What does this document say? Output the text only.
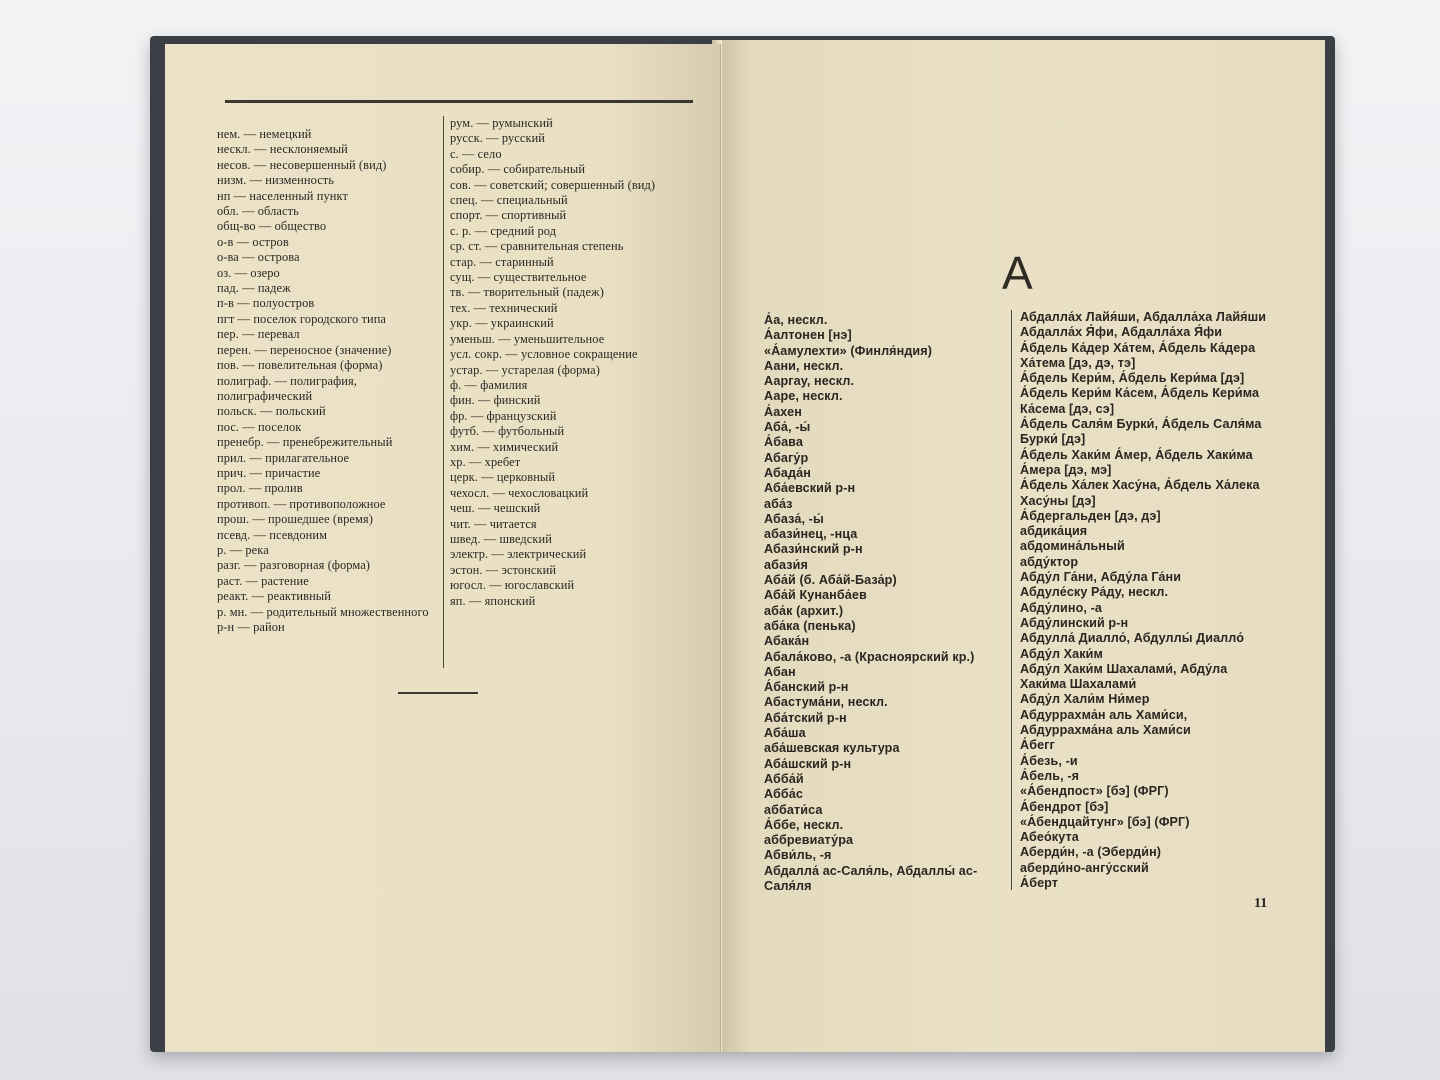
нем. — немецкий
нескл. — несклоняемый
несов. — несовершенный (вид)
низм. — низменность
нп — населенный пункт
обл. — область
общ-во — общество
о-в — остров
о-ва — острова
оз. — озеро
пад. — падеж
п-в — полуостров
пгт — поселок городского типа
пер. — перевал
перен. — переносное (значение)
пов. — повелительная (форма)
полиграф. — полиграфия, полиграфический
польск. — польский
пос. — поселок
пренебр. — пренебрежительный
прил. — прилагательное
прич. — причастие
прол. — пролив
противоп. — противоположное
прош. — прошедшее (время)
псевд. — псевдоним
р. — река
разг. — разговорная (форма)
раст. — растение
реакт. — реактивный
р. мн. — родительный множественного
р-н — район
рум. — румынский
русск. — русский
с. — село
собир. — собирательный
сов. — советский; совершенный (вид)
спец. — специальный
спорт. — спортивный
с. р. — средний род
ср. ст. — сравнительная степень
стар. — старинный
сущ. — существительное
тв. — творительный (падеж)
тех. — технический
укр. — украинский
уменьш. — уменьшительное
усл. сокр. — условное сокращение
устар. — устарелая (форма)
ф. — фамилия
фин. — финский
фр. — французский
футб. — футбольный
хим. — химический
хр. — хребет
церк. — церковный
чехосл. — чехословацкий
чеш. — чешский
чит. — читается
швед. — шведский
электр. — электрический
эстон. — эстонский
югосл. — югославский
яп. — японский
А
А́а, нескл.
А́алтонен [нэ]
«А́амулехти» (Финля́ндия)
Аани, нескл.
Ааргау, нескл.
Ааре, нескл.
А́ахен
Аба́, -ы́
А́бава
Абагу́р
Абада́н
Аба́евский р-н
аба́з
Абаза́, -ы́
абази́нец, -нца
Абази́нский р-н
абази́я
Аба́й (б. Аба́й-База́р)
Аба́й Кунанба́ев
аба́к (архит.)
аба́ка (пенька)
Абака́н
Абала́ково, -а (Красноярский кр.)
Абан
А́банский р-н
Абастума́ни, нескл.
Аба́тский р-н
Аба́ша
аба́шевская культура
Аба́шский р-н
Абба́й
Абба́с
аббати́са
А́ббе, нескл.
аббревиату́ра
Абви́ль, -я
Абдалла́ ас-Саля́ль, Абдаллы́ ас-Саля́ля
Абдалла́х Лайя́ши, Абдалла́ха Лайя́ши
Абдалла́х Я́фи, Абдалла́ха Я́фи
А́бдель Ка́дер Ха́тем, А́бдель Ка́дера Ха́тема [дэ, дэ, тэ]
А́бдель Кери́м, А́бдель Кери́ма [дэ]
А́бдель Кери́м Ка́сем, А́бдель Кери́ма Ка́сема [дэ, сэ]
А́бдель Саля́м Бурки́, А́бдель Саля́ма Бурки́ [дэ]
А́бдель Хаки́м А́мер, А́бдель Хаки́ма А́мера [дэ, мэ]
А́бдель Ха́лек Хасу́на, А́бдель Ха́лека Хасу́ны [дэ]
А́бдергальден [дэ, дэ]
абдика́ция
абдомина́льный
абду́ктор
Абду́л Га́ни, Абду́ла Га́ни
Абдуле́ску Ра́ду, нескл.
Абду́лино, -а
Абду́линский р-н
Абдулла́ Диалло́, Абдуллы́ Диалло́
Абду́л Хаки́м
Абду́л Хаки́м Шахалами́, Абду́ла Хаки́ма Шахалами́
Абду́л Хали́м Ни́мер
Абдуррахма́н аль Хами́си, Абдуррахма́на аль Хами́си
А́бегг
А́безь, -и
А́бель, -я
«А́бендпост» [бэ] (ФРГ)
А́бендрот [бэ]
«А́бендцайтунг» [бэ] (ФРГ)
Абео́кута
Аберди́н, -а (Эберди́н)
аберди́но-ангу́сский
А́берт
11
